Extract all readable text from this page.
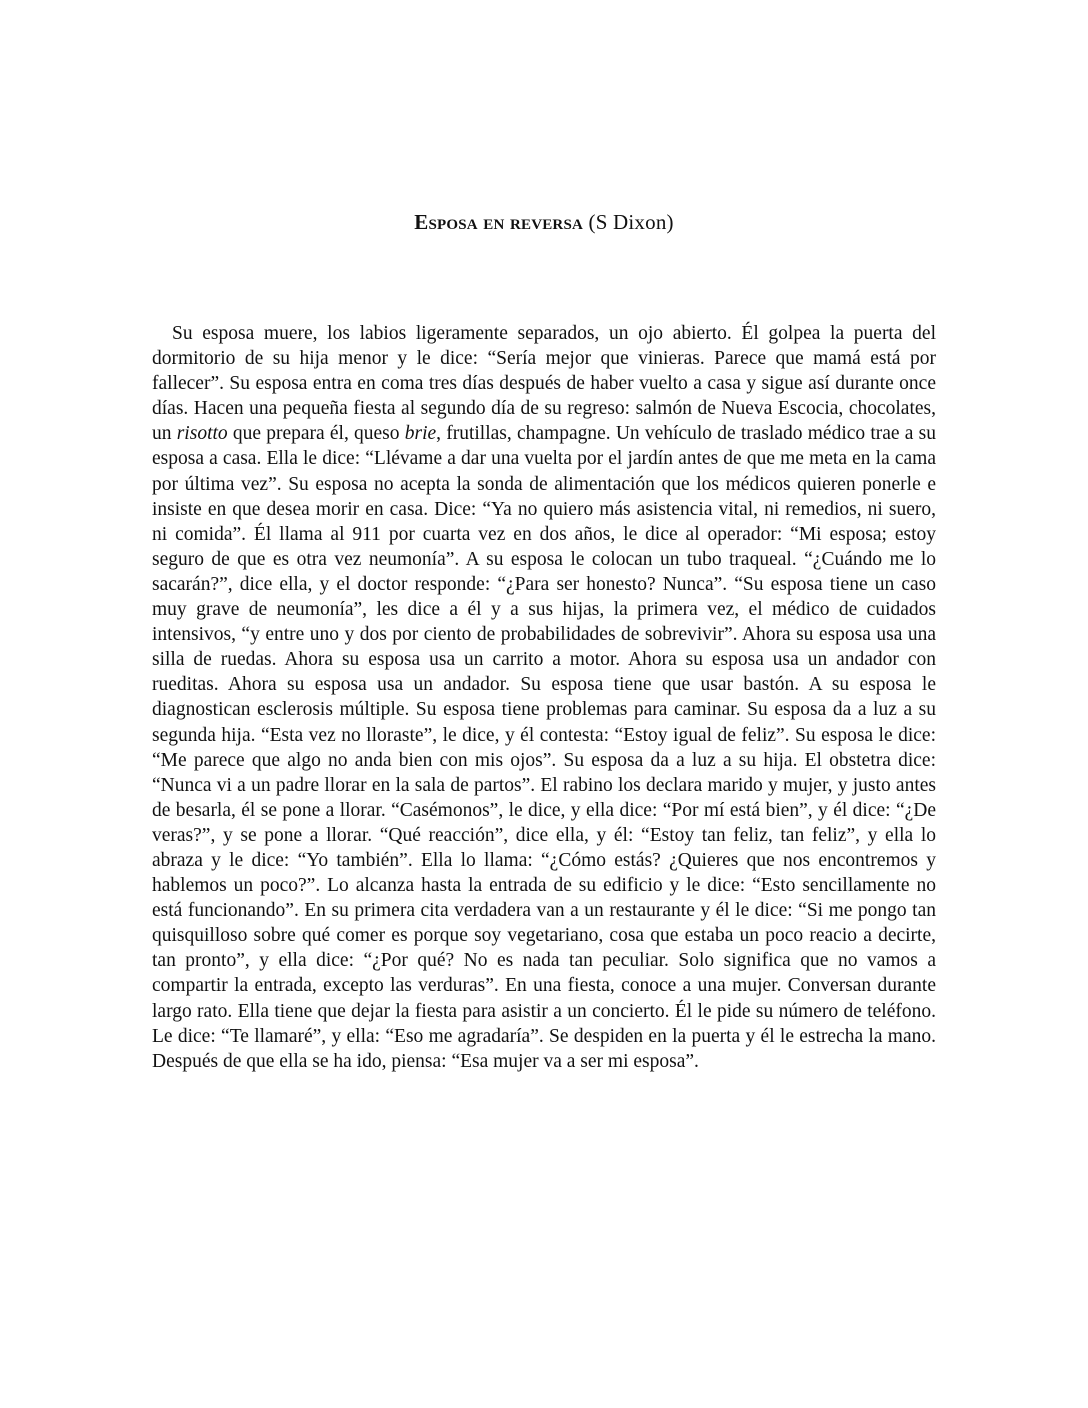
Esposa en reversa (S Dixon)

Su esposa muere, los labios ligeramente separados, un ojo abierto. Él golpea la puerta del dormitorio de su hija menor y le dice: “Sería mejor que vinieras. Parece que mamá está por fallecer”. Su esposa entra en coma tres días después de haber vuelto a casa y sigue así durante once días. Hacen una pequeña fiesta al segundo día de su regreso: salmón de Nueva Escocia, chocolates, un risotto que prepara él, queso brie, frutillas, champagne. Un vehículo de traslado médico trae a su esposa a casa. Ella le dice: “Llévame a dar una vuelta por el jardín antes de que me meta en la cama por última vez”. Su esposa no acepta la sonda de alimentación que los médicos quieren ponerle e insiste en que desea morir en casa. Dice: “Ya no quiero más asistencia vital, ni remedios, ni suero, ni comida”. Él llama al 911 por cuarta vez en dos años, le dice al operador: “Mi esposa; estoy seguro de que es otra vez neumonía”. A su esposa le colocan un tubo traqueal. “¿Cuándo me lo sacarán?”, dice ella, y el doctor responde: “¿Para ser honesto? Nunca”. “Su esposa tiene un caso muy grave de neumonía”, les dice a él y a sus hijas, la primera vez, el médico de cuidados intensivos, “y entre uno y dos por ciento de probabilidades de sobrevivir”. Ahora su esposa usa una silla de ruedas. Ahora su esposa usa un carrito a motor. Ahora su esposa usa un andador con rueditas. Ahora su esposa usa un andador. Su esposa tiene que usar bastón. A su esposa le diagnostican esclerosis múltiple. Su esposa tiene problemas para caminar. Su esposa da a luz a su segunda hija. “Esta vez no lloraste”, le dice, y él contesta: “Estoy igual de feliz”. Su esposa le dice: “Me parece que algo no anda bien con mis ojos”. Su esposa da a luz a su hija. El obstetra dice: “Nunca vi a un padre llorar en la sala de partos”. El rabino los declara marido y mujer, y justo antes de besarla, él se pone a llorar. “Casémonos”, le dice, y ella dice: “Por mí está bien”, y él dice: “¿De veras?”, y se pone a llorar. “Qué reacción”, dice ella, y él: “Estoy tan feliz, tan feliz”, y ella lo abraza y le dice: “Yo también”. Ella lo llama: “¿Cómo estás? ¿Quieres que nos encontremos y hablemos un poco?”. Lo alcanza hasta la entrada de su edificio y le dice: “Esto sencillamente no está funcionando”. En su primera cita verdadera van a un restaurante y él le dice: “Si me pongo tan quisquilloso sobre qué comer es porque soy vegetariano, cosa que estaba un poco reacio a decirte, tan pronto”, y ella dice: “¿Por qué? No es nada tan peculiar. Solo significa que no vamos a compartir la entrada, excepto las verduras”. En una fiesta, conoce a una mujer. Conversan durante largo rato. Ella tiene que dejar la fiesta para asistir a un concierto. Él le pide su número de teléfono. Le dice: “Te llamaré”, y ella: “Eso me agradaría”. Se despiden en la puerta y él le estrecha la mano. Después de que ella se ha ido, piensa: “Esa mujer va a ser mi esposa”.
